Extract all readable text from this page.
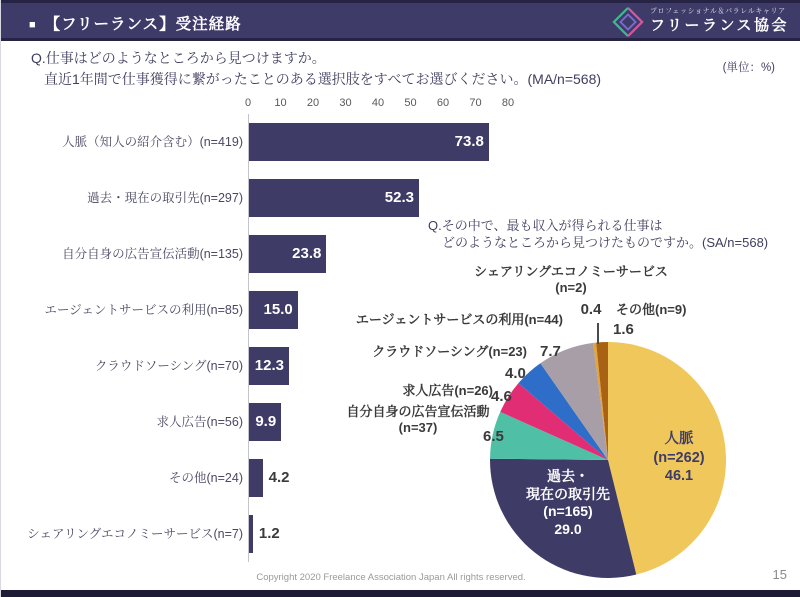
■ 【フリーランス】受注経路
プロフェッショナル＆パラレルキャリア
フリーランス協会
Q.仕事はどのようなところから見つけますか。
直近1年間で仕事獲得に繋がったことのある選択肢をすべてお選びください。(MA/n=568)
(単位：%)
0 10 20 30 40 50 60 70 80
人脈（知人の紹介含む）(n=419)	73.8
過去・現在の取引先(n=297)	52.3
自分自身の広告宣伝活動(n=135)	23.8
エージェントサービスの利用(n=85) 15.0
クラウドソーシング(n=70) 12.3
求人広告(n=56) 9.9
その他(n=24) 4.2
シェアリングエコノミーサービス(n=7) 1.2
Q.その中で、最も収入が得られる仕事は
どのようなところから見つけたものですか。(SA/n=568)
シェアリングエコノミーサービス
(n=2)
0.4	その他(n=9)
1.6
エージェントサービスの利用(n=44)
7.7
クラウドソーシング(n=23)
4.0
求人広告(n=26)
4.6
自分自身の広告宣伝活動
(n=37)
6.5	人脈
(n=262)
46.1
過去・
現在の取引先
(n=165)
29.0
Copyright 2020 Freelance Association Japan All rights reserved.	15
